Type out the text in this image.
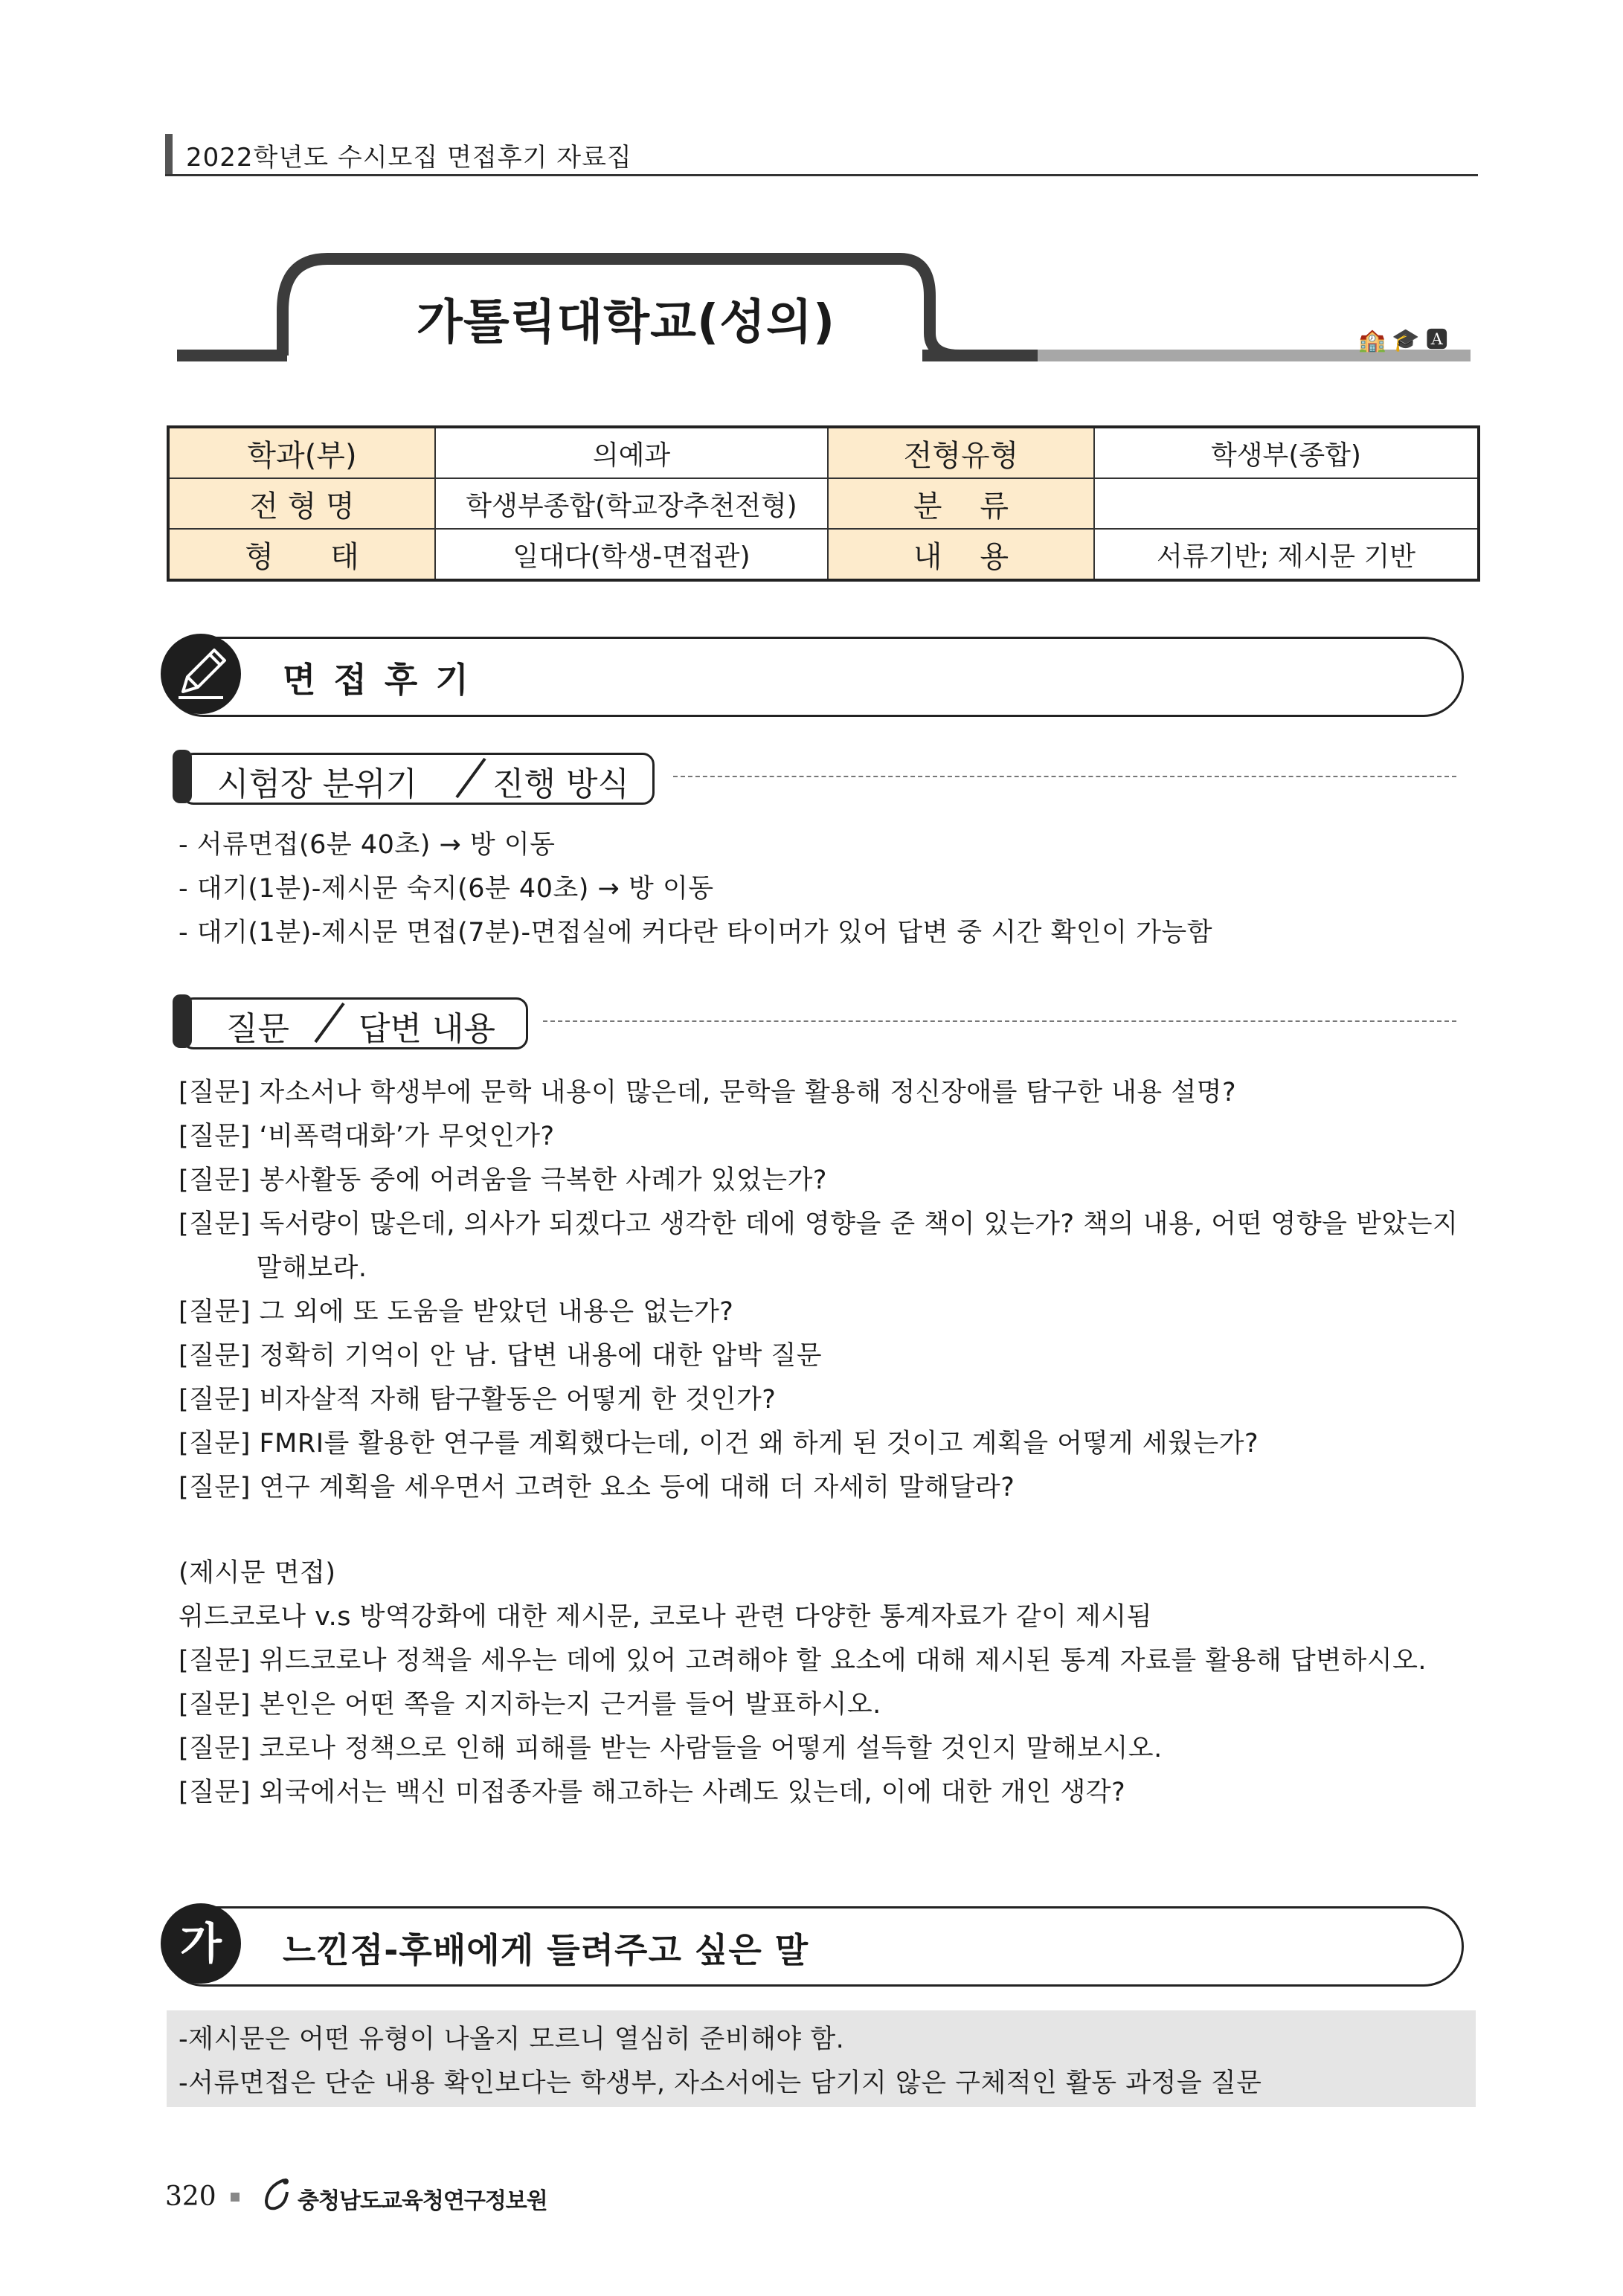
2022학년도 수시모집 면접후기 자료집
가톨릭대학교(성의)	🏫🎓🅰
학과(부)	의예과	전형유형	학생부(종합)
전 형 명	학생부종합(학교장추천전형)	분    류	
형      태	일대다(학생-면접관)	내    용	서류기반; 제시문 기반
면 접 후 기
시험장 분위기 진행 방식
- 서류면접(6분 40초) → 방 이동
- 대기(1분)-제시문 숙지(6분 40초) → 방 이동
- 대기(1분)-제시문 면접(7분)-면접실에 커다란 타이머가 있어 답변 중 시간 확인이 가능함
질문 답변 내용
[질문] 자소서나 학생부에 문학 내용이 많은데, 문학을 활용해 정신장애를 탐구한 내용 설명?
[질문] ‘비폭력대화’가 무엇인가?
[질문] 봉사활동 중에 어려움을 극복한 사례가 있었는가?
[질문] 독서량이 많은데, 의사가 되겠다고 생각한 데에 영향을 준 책이 있는가? 책의 내용, 어떤 영향을 받았는지
말해보라.
[질문] 그 외에 또 도움을 받았던 내용은 없는가?
[질문] 정확히 기억이 안 남. 답변 내용에 대한 압박 질문
[질문] 비자살적 자해 탐구활동은 어떻게 한 것인가?
[질문] FMRI를 활용한 연구를 계획했다는데, 이건 왜 하게 된 것이고 계획을 어떻게 세웠는가?
[질문] 연구 계획을 세우면서 고려한 요소 등에 대해 더 자세히 말해달라?
(제시문 면접)
위드코로나 v.s 방역강화에 대한 제시문, 코로나 관련 다양한 통계자료가 같이 제시됨
[질문] 위드코로나 정책을 세우는 데에 있어 고려해야 할 요소에 대해 제시된 통계 자료를 활용해 답변하시오.
[질문] 본인은 어떤 쪽을 지지하는지 근거를 들어 발표하시오.
[질문] 코로나 정책으로 인해 피해를 받는 사람들을 어떻게 설득할 것인지 말해보시오.
[질문] 외국에서는 백신 미접종자를 해고하는 사례도 있는데, 이에 대한 개인 생각?
가	느낀점-후배에게 들려주고 싶은 말
-제시문은 어떤 유형이 나올지 모르니 열심히 준비해야 함.
-서류면접은 단순 내용 확인보다는 학생부, 자소서에는 담기지 않은 구체적인 활동 과정을 질문
320	충청남도교육청연구정보원
